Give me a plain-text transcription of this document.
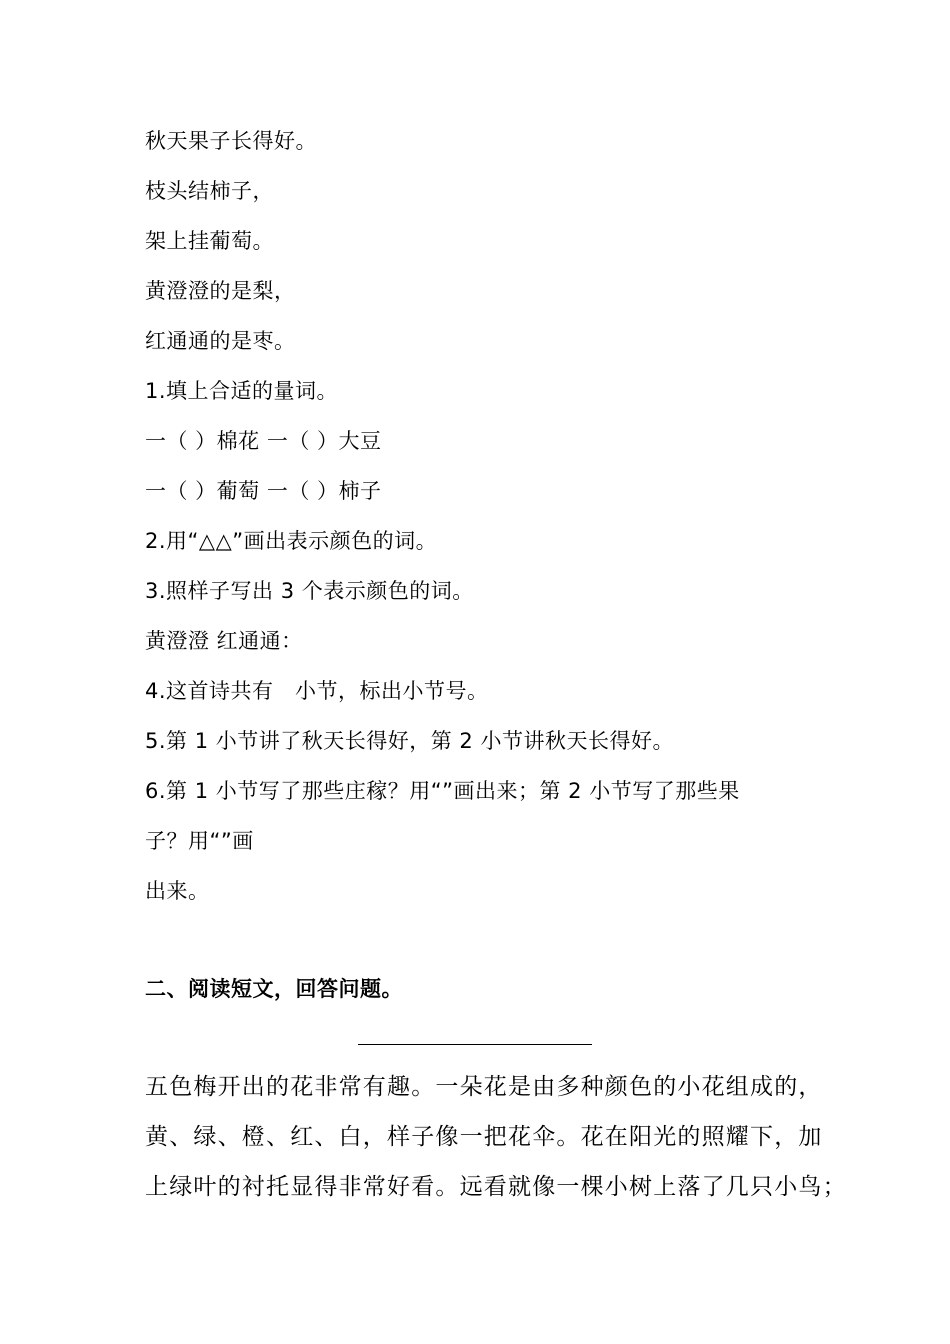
秋天果子长得好。
枝头结柿子，
架上挂葡萄。
黄澄澄的是梨，
红通通的是枣。
1.填上合适的量词。
一（ ）棉花 一（ ）大豆
一（ ）葡萄 一（ ）柿子
2.用“△△”画出表示颜色的词。
3.照样子写出 3 个表示颜色的词。
黄澄澄 红通通：
4.这首诗共有   小节，标出小节号。
5.第 1 小节讲了秋天长得好，第 2 小节讲秋天长得好。
6.第 1 小节写了那些庄稼？用“”画出来；第 2 小节写了那些果
子？用“”画
出来。
二、阅读短文，回答问题。
五色梅开出的花非常有趣。一朵花是由多种颜色的小花组成的，
黄、绿、橙、红、白，样子像一把花伞。花在阳光的照耀下，加
上绿叶的衬托显得非常好看。远看就像一棵小树上落了几只小鸟；
